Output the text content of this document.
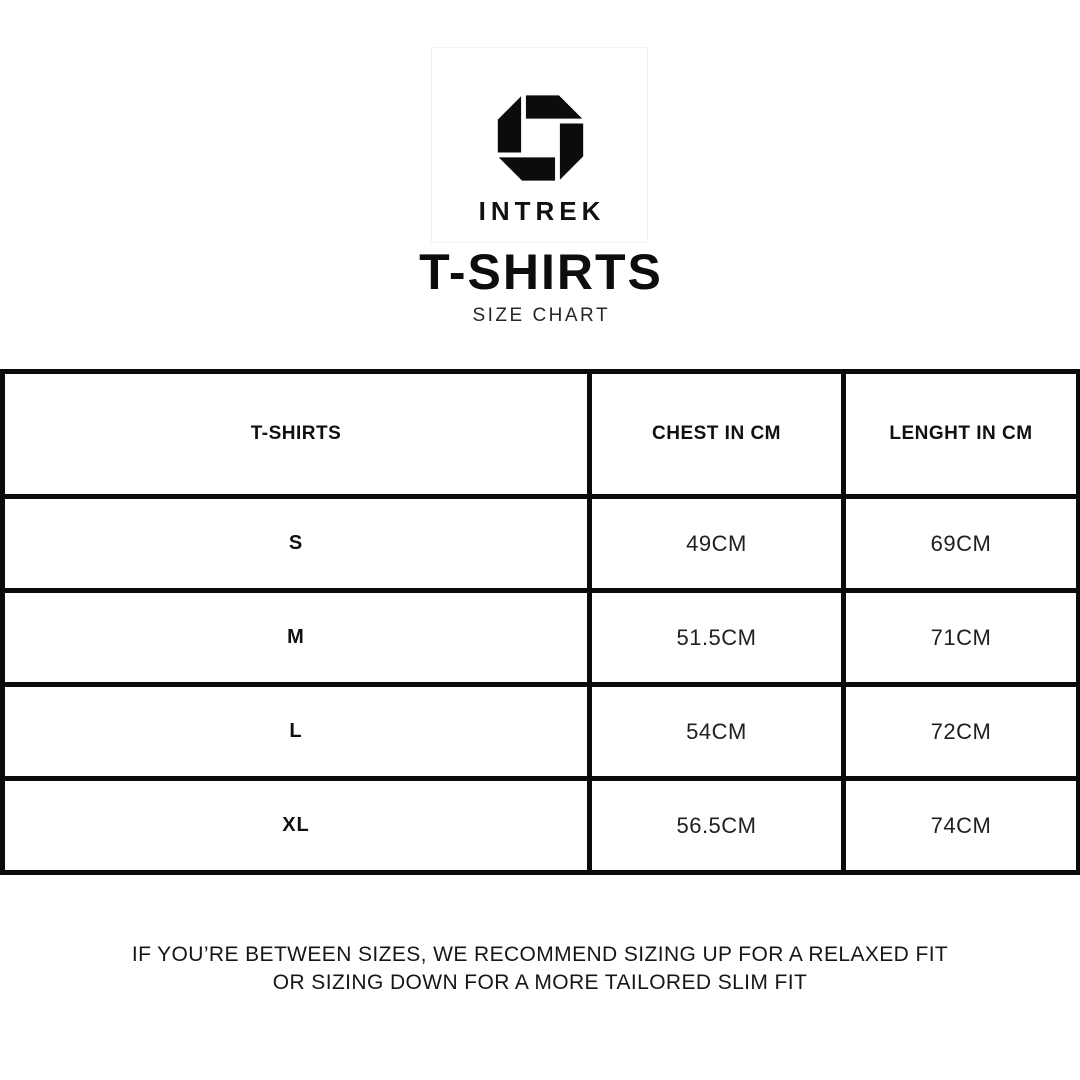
INTREK
T-SHIRTS
SIZE CHART
T-SHIRTS	CHEST IN CM	LENGHT IN CM
S	49CM	69CM
M	51.5CM	71CM
L	54CM	72CM
XL	56.5CM	74CM
IF YOU’RE BETWEEN SIZES, WE RECOMMEND SIZING UP FOR A RELAXED FIT
OR SIZING DOWN FOR A MORE TAILORED SLIM FIT
